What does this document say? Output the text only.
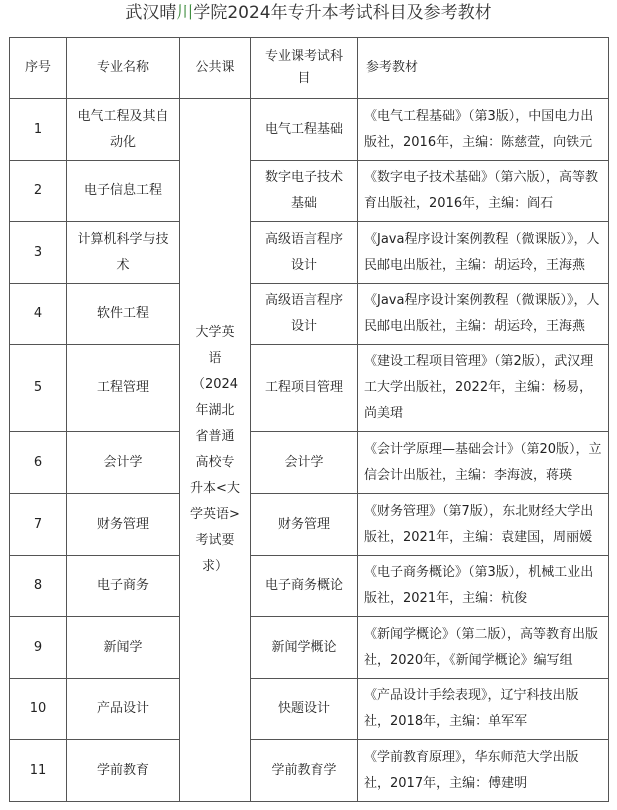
武汉晴川学院2024年专升本考试科目及参考教材
序号	专业名称	公共课	专业课考试科目	参考教材
1	电气工程及其自动化	大学英语（2024年湖北省普通高校专升本<大学英语>考试要求）	电气工程基础	《电气工程基础》（第3版），中国电力出版社，2016年，主编：陈慈萱，向铁元

2	电子信息工程		数字电子技术基础	《数字电子技术基础》（第六版），高等教育出版社，2016年，主编：阎石

3	计算机科学与技术		高级语言程序设计	《Java程序设计案例教程（微课版）》，人民邮电出版社，主编：胡运玲，王海燕

4	软件工程		高级语言程序设计	《Java程序设计案例教程（微课版）》，人民邮电出版社，主编：胡运玲，王海燕

5	工程管理		工程项目管理	《建设工程项目管理》（第2版），武汉理工大学出版社，2022年，主编：杨易，尚美珺

6	会计学		会计学	《会计学原理—基础会计》（第20版），立信会计出版社，主编：李海波，蒋瑛

7	财务管理		财务管理	《财务管理》（第7版），东北财经大学出版社，2021年，主编：袁建国，周丽媛

8	电子商务		电子商务概论	《电子商务概论》（第3版），机械工业出版社，2021年，主编：杭俊

9	新闻学		新闻学概论	《新闻学概论》（第二版），高等教育出版社，2020年，《新闻学概论》编写组

10	产品设计		快题设计	《产品设计手绘表现》，辽宁科技出版社，2018年，主编：单军军

11	学前教育		学前教育学	《学前教育原理》，华东师范大学出版社，2017年，主编：傅建明
